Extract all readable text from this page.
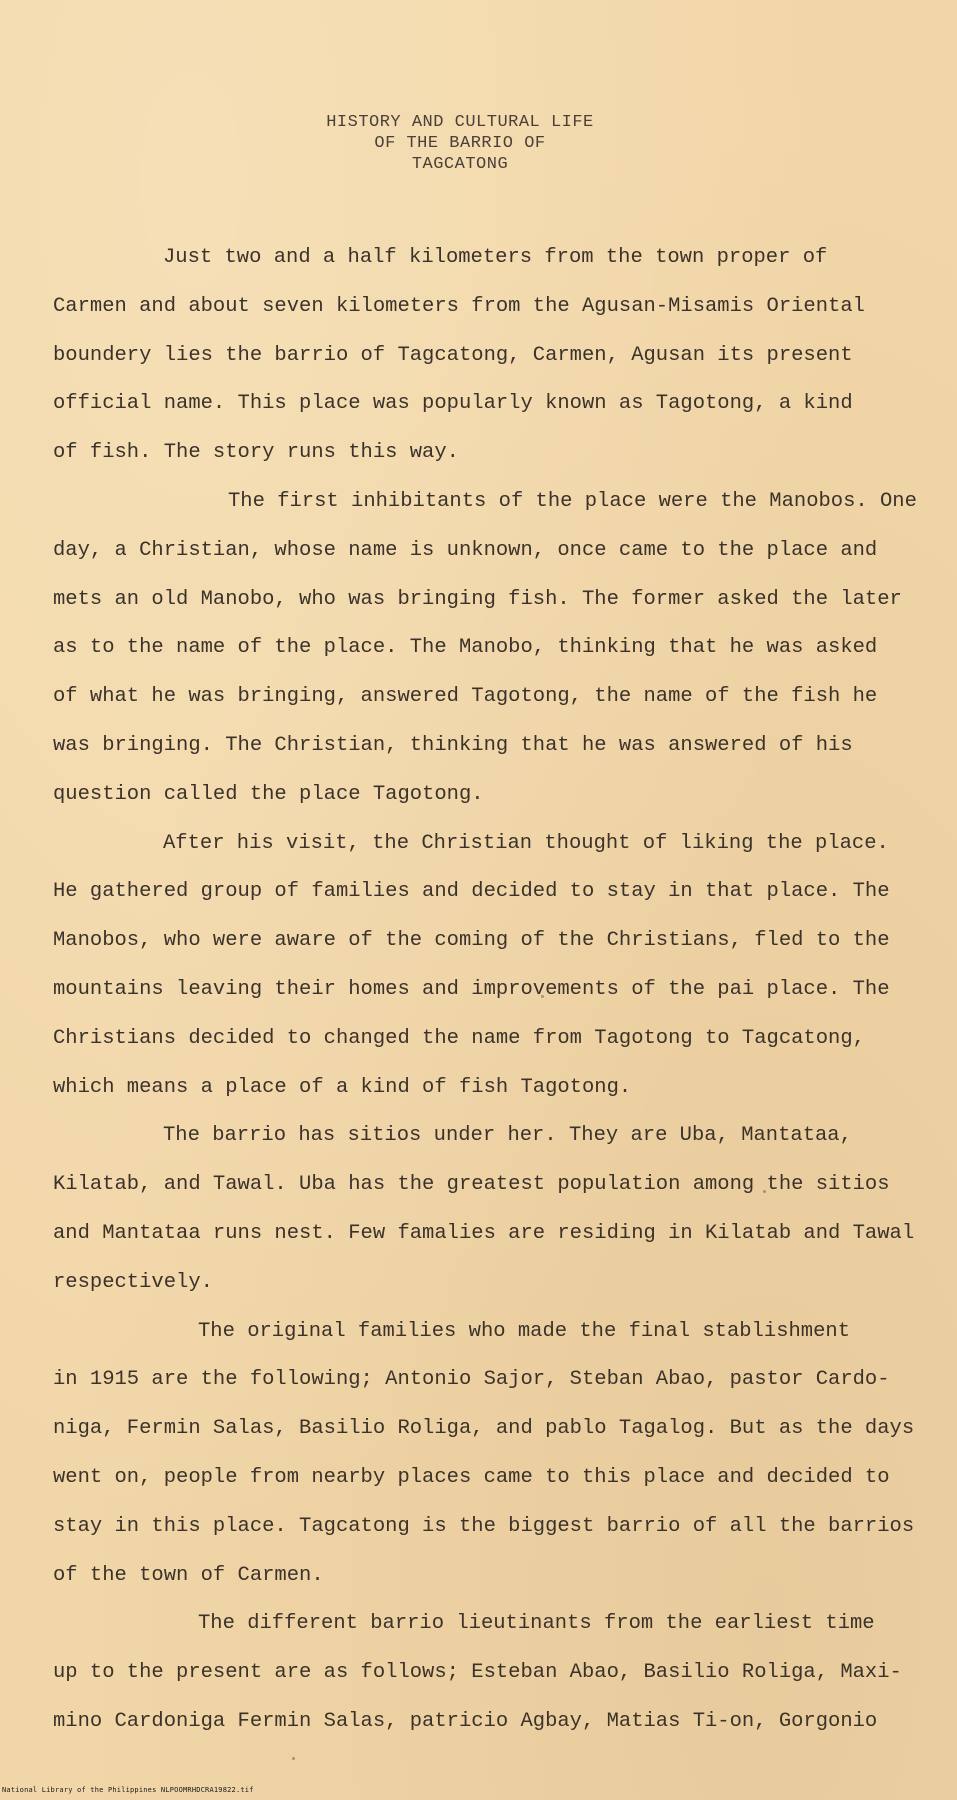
HISTORY AND CULTURAL LIFE
OF THE BARRIO OF
TAGCATONG
Just two and a half kilometers from the town proper of
Carmen and about seven kilometers from the Agusan-Misamis Oriental
boundery lies the barrio of Tagcatong, Carmen, Agusan its present
official name. This place was popularly known as Tagotong, a kind
of fish. The story runs this way.
The first inhibitants of the place were the Manobos. One
day, a Christian, whose name is unknown, once came to the place and
mets an old Manobo, who was bringing fish. The former asked the later
as to the name of the place. The Manobo, thinking that he was asked
of what he was bringing, answered Tagotong, the name of the fish he
was bringing. The Christian, thinking that he was answered of his
question called the place Tagotong.
After his visit, the Christian thought of liking the place.
He gathered group of families and decided to stay in that place. The
Manobos, who were aware of the coming of the Christians, fled to the
mountains leaving their homes and improvements of the pai place. The
Christians decided to changed the name from Tagotong to Tagcatong,
which means a place of a kind of fish Tagotong.
The barrio has sitios under her. They are Uba, Mantataa,
Kilatab, and Tawal. Uba has the greatest population among the sitios
and Mantataa runs nest. Few famalies are residing in Kilatab and Tawal
respectively.
The original families who made the final stablishment
in 1915 are the following; Antonio Sajor, Steban Abao, pastor Cardo-
niga, Fermin Salas, Basilio Roliga, and pablo Tagalog. But as the days
went on, people from nearby places came to this place and decided to
stay in this place. Tagcatong is the biggest barrio of all the barrios
of the town of Carmen.
The different barrio lieutinants from the earliest time
up to the present are as follows; Esteban Abao, Basilio Roliga, Maxi-
mino Cardoniga Fermin Salas, patricio Agbay, Matias Ti-on, Gorgonio
National Library of the Philippines NLPOOMRHDCRA19822.tif
